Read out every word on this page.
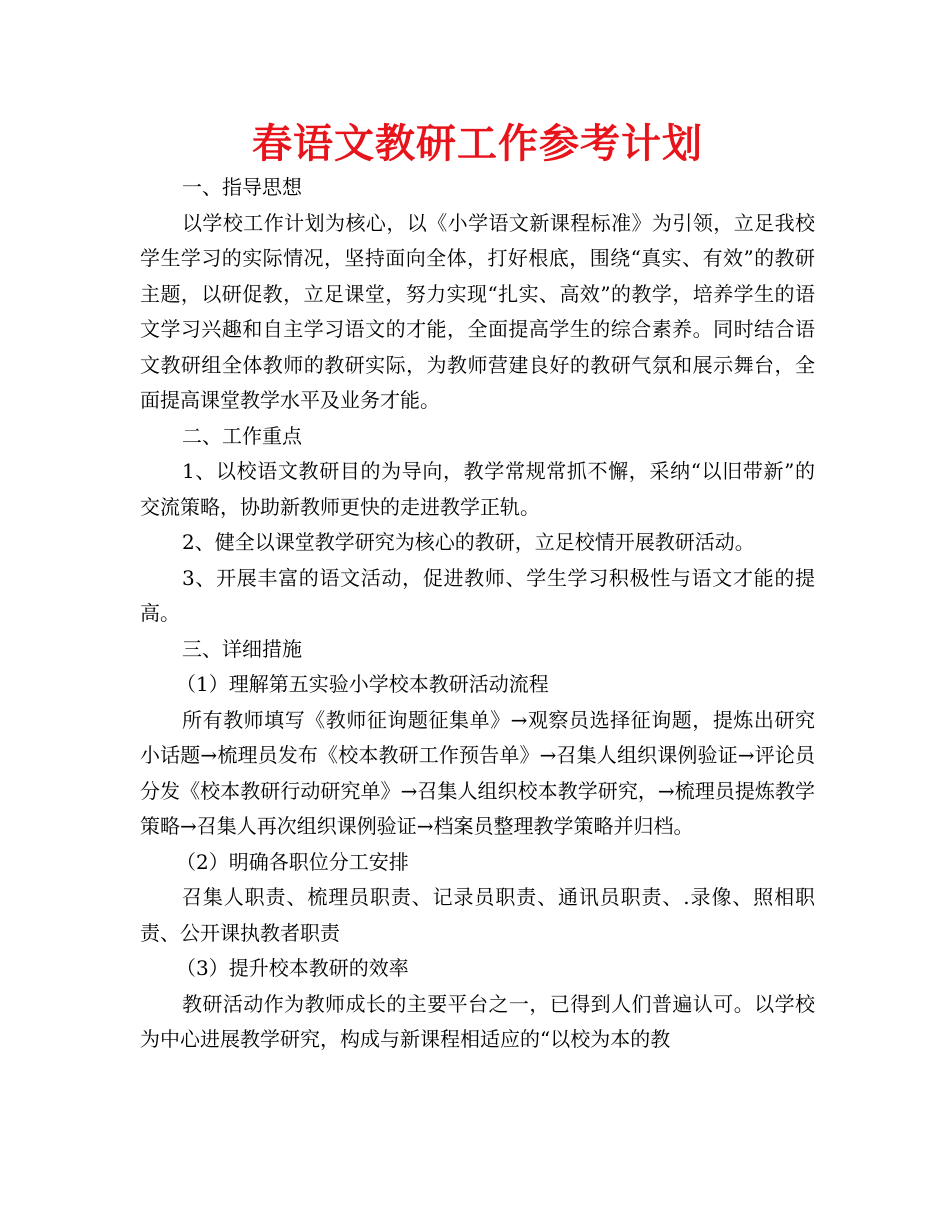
春语文教研工作参考计划

一、指导思想

以学校工作计划为核心，以《小学语文新课程标准》为引领，立足我校学生学习的实际情况，坚持面向全体，打好根底，围绕“真实、有效”的教研主题，以研促教，立足课堂，努力实现“扎实、高效”的教学，培养学生的语文学习兴趣和自主学习语文的才能，全面提高学生的综合素养。同时结合语文教研组全体教师的教研实际，为教师营建良好的教研气氛和展示舞台，全面提高课堂教学水平及业务才能。

二、工作重点

1、以校语文教研目的为导向，教学常规常抓不懈，采纳“以旧带新”的交流策略，协助新教师更快的走进教学正轨。

2、健全以课堂教学研究为核心的教研，立足校情开展教研活动。

3、开展丰富的语文活动，促进教师、学生学习积极性与语文才能的提高。

三、详细措施

（1）理解第五实验小学校本教研活动流程

所有教师填写《教师征询题征集单》→观察员选择征询题，提炼出研究小话题→梳理员发布《校本教研工作预告单》→召集人组织课例验证→评论员分发《校本教研行动研究单》→召集人组织校本教学研究，→梳理员提炼教学策略→召集人再次组织课例验证→档案员整理教学策略并归档。

（2）明确各职位分工安排

召集人职责、梳理员职责、记录员职责、通讯员职责、.录像、照相职责、公开课执教者职责

（3）提升校本教研的效率

教研活动作为教师成长的主要平台之一，已得到人们普遍认可。以学校为中心进展教学研究，构成与新课程相适应的“以校为本的教
